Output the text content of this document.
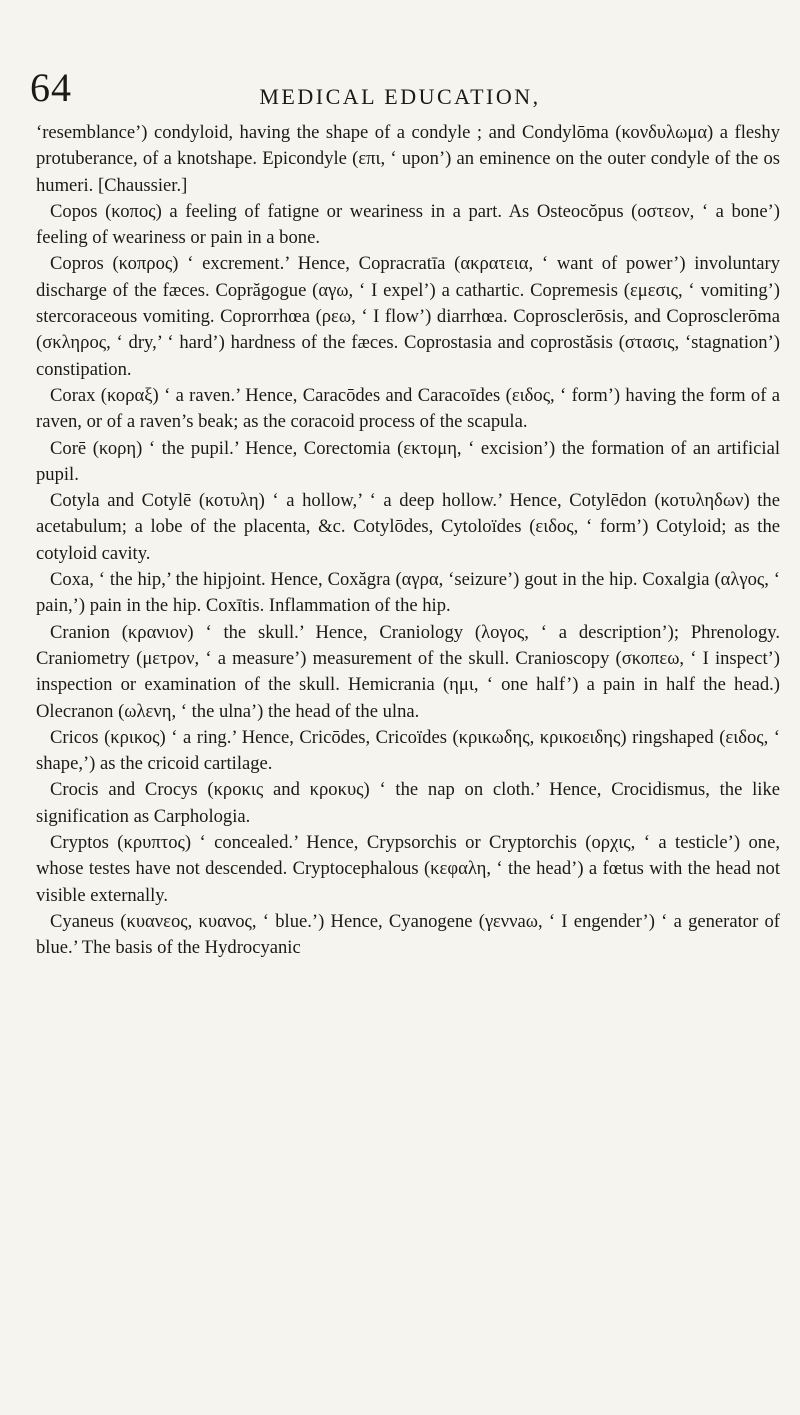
64	MEDICAL EDUCATION,

‘resemblance’) condyloid, having the shape of a condyle ; and Condylōma (κονδυλωμα) a fleshy protuberance, of a knotshape. Epicondyle (επι, ‘ upon’) an eminence on the outer condyle of the os humeri. [Chaussier.]

Copos (κοπος) a feeling of fatigne or weariness in a part. As Osteocŏpus (οστεον, ‘ a bone’) feeling of weariness or pain in a bone.

Copros (κοπρος) ‘ excrement.’ Hence, Copracratīa (ακρατεια, ‘ want of power’) involuntary discharge of the fæces. Coprăgogue (αγω, ‘ I expel’) a cathartic. Copremesis (εμεσις, ‘ vomiting’) stercoraceous vomiting. Coprorrhœa (ρεω, ‘ I flow’) diarrhœa. Coprosclerōsis, and Coprosclerōma (σκληρος, ‘ dry,’ ‘ hard’) hardness of the fæces. Coprostasia and coprostăsis (στασις, ‘stagnation’) constipation.

Corax (κοραξ) ‘ a raven.’ Hence, Caracōdes and Caracoīdes (ειδος, ‘ form’) having the form of a raven, or of a raven’s beak; as the coracoid process of the scapula.

Corē (κορη) ‘ the pupil.’ Hence, Corectomia (εκτομη, ‘ excision’) the formation of an artificial pupil.

Cotyla and Cotylē (κοτυλη) ‘ a hollow,’ ‘ a deep hollow.’ Hence, Cotylēdon (κοτυληδων) the acetabulum; a lobe of the placenta, &c. Cotylōdes, Cytoloïdes (ειδος, ‘ form’) Cotyloid; as the cotyloid cavity.

Coxa, ‘ the hip,’ the hipjoint. Hence, Coxăgra (αγρα, ‘seizure’) gout in the hip. Coxalgia (αλγος, ‘ pain,’) pain in the hip. Coxītis. Inflammation of the hip.

Cranion (κρανιον) ‘ the skull.’ Hence, Craniology (λογος, ‘ a description’); Phrenology. Craniometry (μετρον, ‘ a measure’) measurement of the skull. Cranioscopy (σκοπεω, ‘ I inspect’) inspection or examination of the skull. Hemicrania (ημι, ‘ one half’) a pain in half the head.) Olecranon (ωλενη, ‘ the ulna’) the head of the ulna.

Cricos (κρικος) ‘ a ring.’ Hence, Cricōdes, Cricoïdes (κρικωδης, κρικοειδης) ringshaped (ειδος, ‘ shape,’) as the cricoid cartilage.

Crocis and Crocys (κροκις and κροκυς) ‘ the nap on cloth.’ Hence, Crocidismus, the like signification as Carphologia.

Cryptos (κρυπτος) ‘ concealed.’ Hence, Crypsorchis or Cryptorchis (ορχις, ‘ a testicle’) one, whose testes have not descended. Cryptocephalous (κεφαλη, ‘ the head’) a fœtus with the head not visible externally.

Cyaneus (κυανεος, κυανος, ‘ blue.’) Hence, Cyanogene (γεννaω, ‘ I engender’) ‘ a generator of blue.’ The basis of the Hydrocyanic
